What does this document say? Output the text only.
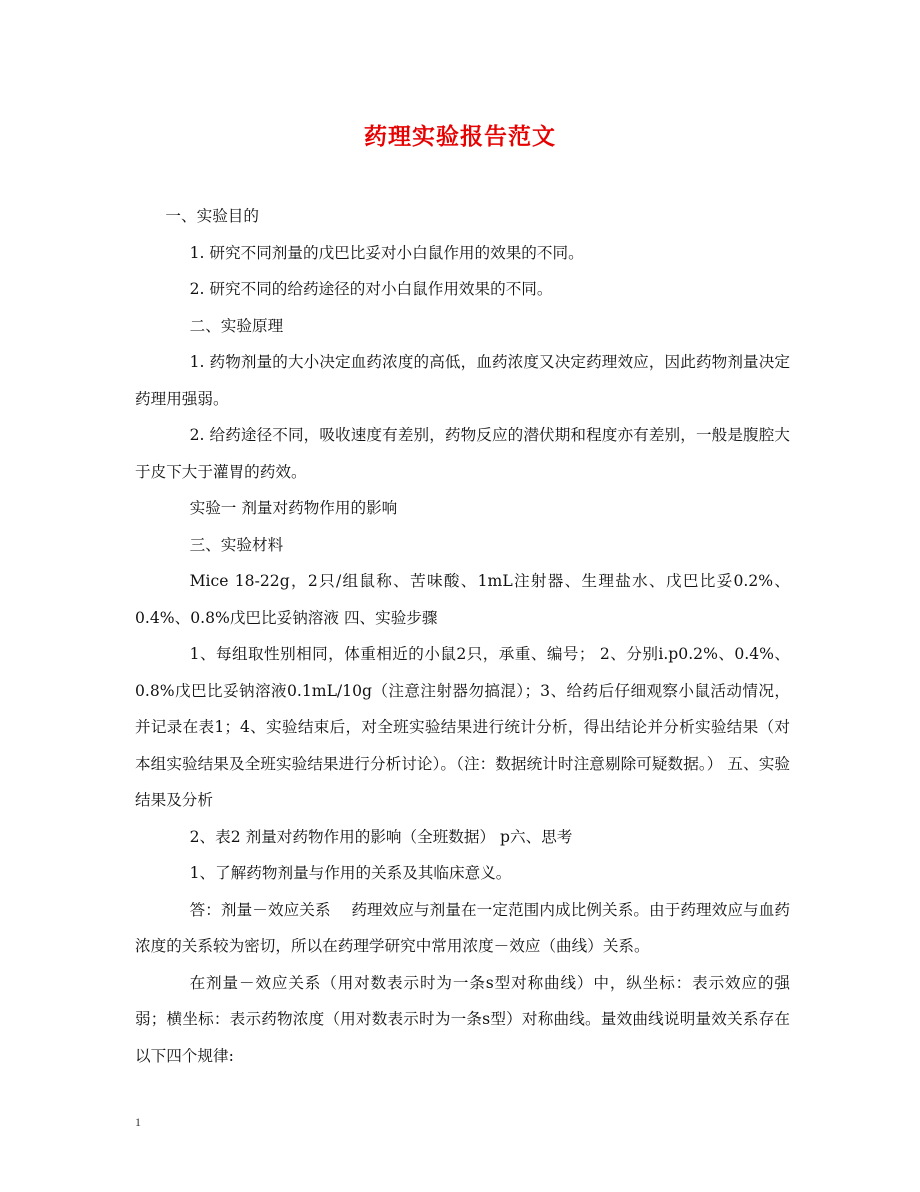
药理实验报告范文

一、实验目的

1. 研究不同剂量的戊巴比妥对小白鼠作用的效果的不同。

2. 研究不同的给药途径的对小白鼠作用效果的不同。

二、实验原理

1. 药物剂量的大小决定血药浓度的高低，血药浓度又决定药理效应，因此药物剂量决定药理用强弱。

2. 给药途径不同，吸收速度有差别，药物反应的潜伏期和程度亦有差别，一般是腹腔大于皮下大于灌胃的药效。

实验一 剂量对药物作用的影响

三、实验材料

Mice 18-22g，2只/组鼠称、苦味酸、1mL注射器、生理盐水、戊巴比妥0.2%、0.4%、0.8%戊巴比妥钠溶液 四、实验步骤

1、每组取性别相同，体重相近的小鼠2只，承重、编号； 2、分别i.p0.2%、0.4%、0.8%戊巴比妥钠溶液0.1mL/10g（注意注射器勿搞混）；3、给药后仔细观察小鼠活动情况，并记录在表1；4、实验结束后，对全班实验结果进行统计分析，得出结论并分析实验结果（对本组实验结果及全班实验结果进行分析讨论）。（注：数据统计时注意剔除可疑数据。） 五、实验结果及分析

2、表2 剂量对药物作用的影响（全班数据） p六、思考

1、了解药物剂量与作用的关系及其临床意义。

答：剂量－效应关系　 药理效应与剂量在一定范围内成比例关系。由于药理效应与血药浓度的关系较为密切，所以在药理学研究中常用浓度－效应（曲线）关系。

在剂量－效应关系（用对数表示时为一条s型对称曲线）中，纵坐标：表示效应的强弱；横坐标：表示药物浓度（用对数表示时为一条s型）对称曲线。量效曲线说明量效关系存在以下四个规律:

1
